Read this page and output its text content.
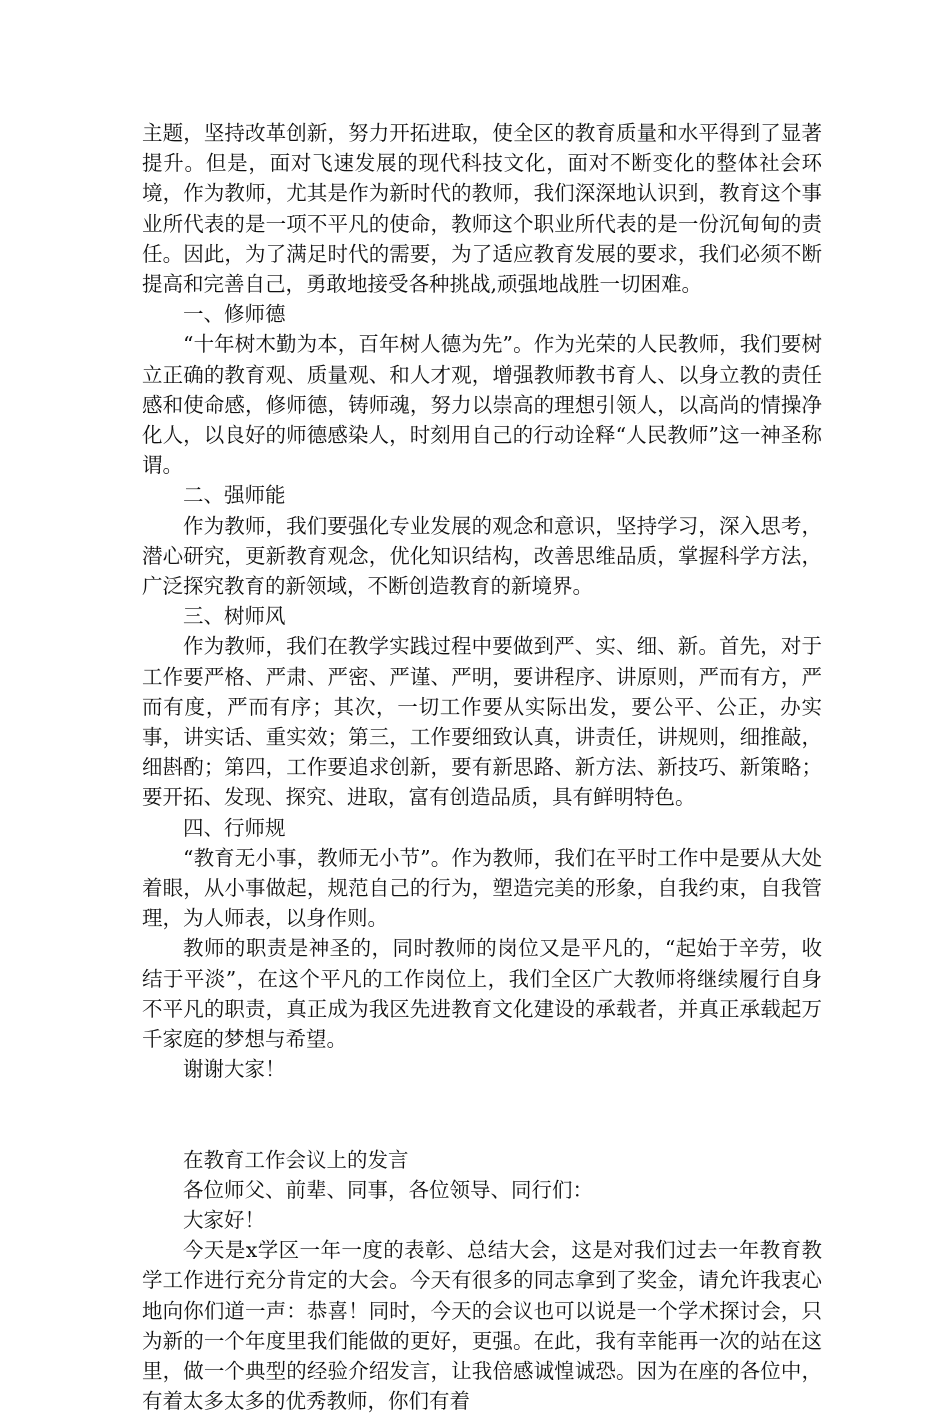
主题，坚持改革创新，努力开拓进取，使全区的教育质量和水平得到了显著提升。但是，面对飞速发展的现代科技文化，面对不断变化的整体社会环境，作为教师，尤其是作为新时代的教师，我们深深地认识到，教育这个事业所代表的是一项不平凡的使命，教师这个职业所代表的是一份沉甸甸的责任。因此，为了满足时代的需要，为了适应教育发展的要求，我们必须不断提高和完善自己，勇敢地接受各种挑战,顽强地战胜一切困难。

一、修师德

“十年树木勤为本，百年树人德为先”。作为光荣的人民教师，我们要树立正确的教育观、质量观、和人才观，增强教师教书育人、以身立教的责任感和使命感，修师德，铸师魂，努力以崇高的理想引领人，以高尚的情操净化人，以良好的师德感染人，时刻用自己的行动诠释“人民教师”这一神圣称谓。

二、强师能

作为教师，我们要强化专业发展的观念和意识，坚持学习，深入思考，潜心研究，更新教育观念，优化知识结构，改善思维品质，掌握科学方法，广泛探究教育的新领域，不断创造教育的新境界。

三、树师风

作为教师，我们在教学实践过程中要做到严、实、细、新。首先，对于工作要严格、严肃、严密、严谨、严明，要讲程序、讲原则，严而有方，严而有度，严而有序；其次，一切工作要从实际出发，要公平、公正，办实事，讲实话、重实效；第三，工作要细致认真，讲责任，讲规则，细推敲，细斟酌；第四，工作要追求创新，要有新思路、新方法、新技巧、新策略；要开拓、发现、探究、进取，富有创造品质，具有鲜明特色。

四、行师规

“教育无小事，教师无小节”。作为教师，我们在平时工作中是要从大处着眼，从小事做起，规范自己的行为，塑造完美的形象，自我约束，自我管理，为人师表，以身作则。

教师的职责是神圣的，同时教师的岗位又是平凡的，“起始于辛劳，收结于平淡”，在这个平凡的工作岗位上，我们全区广大教师将继续履行自身不平凡的职责，真正成为我区先进教育文化建设的承载者，并真正承载起万千家庭的梦想与希望。

谢谢大家！

在教育工作会议上的发言

各位师父、前辈、同事，各位领导、同行们：

大家好！

今天是x学区一年一度的表彰、总结大会，这是对我们过去一年教育教学工作进行充分肯定的大会。今天有很多的同志拿到了奖金，请允许我衷心地向你们道一声：恭喜！同时，今天的会议也可以说是一个学术探讨会，只为新的一个年度里我们能做的更好，更强。在此，我有幸能再一次的站在这里，做一个典型的经验介绍发言，让我倍感诚惶诚恐。因为在座的各位中，有着太多太多的优秀教师，你们有着
